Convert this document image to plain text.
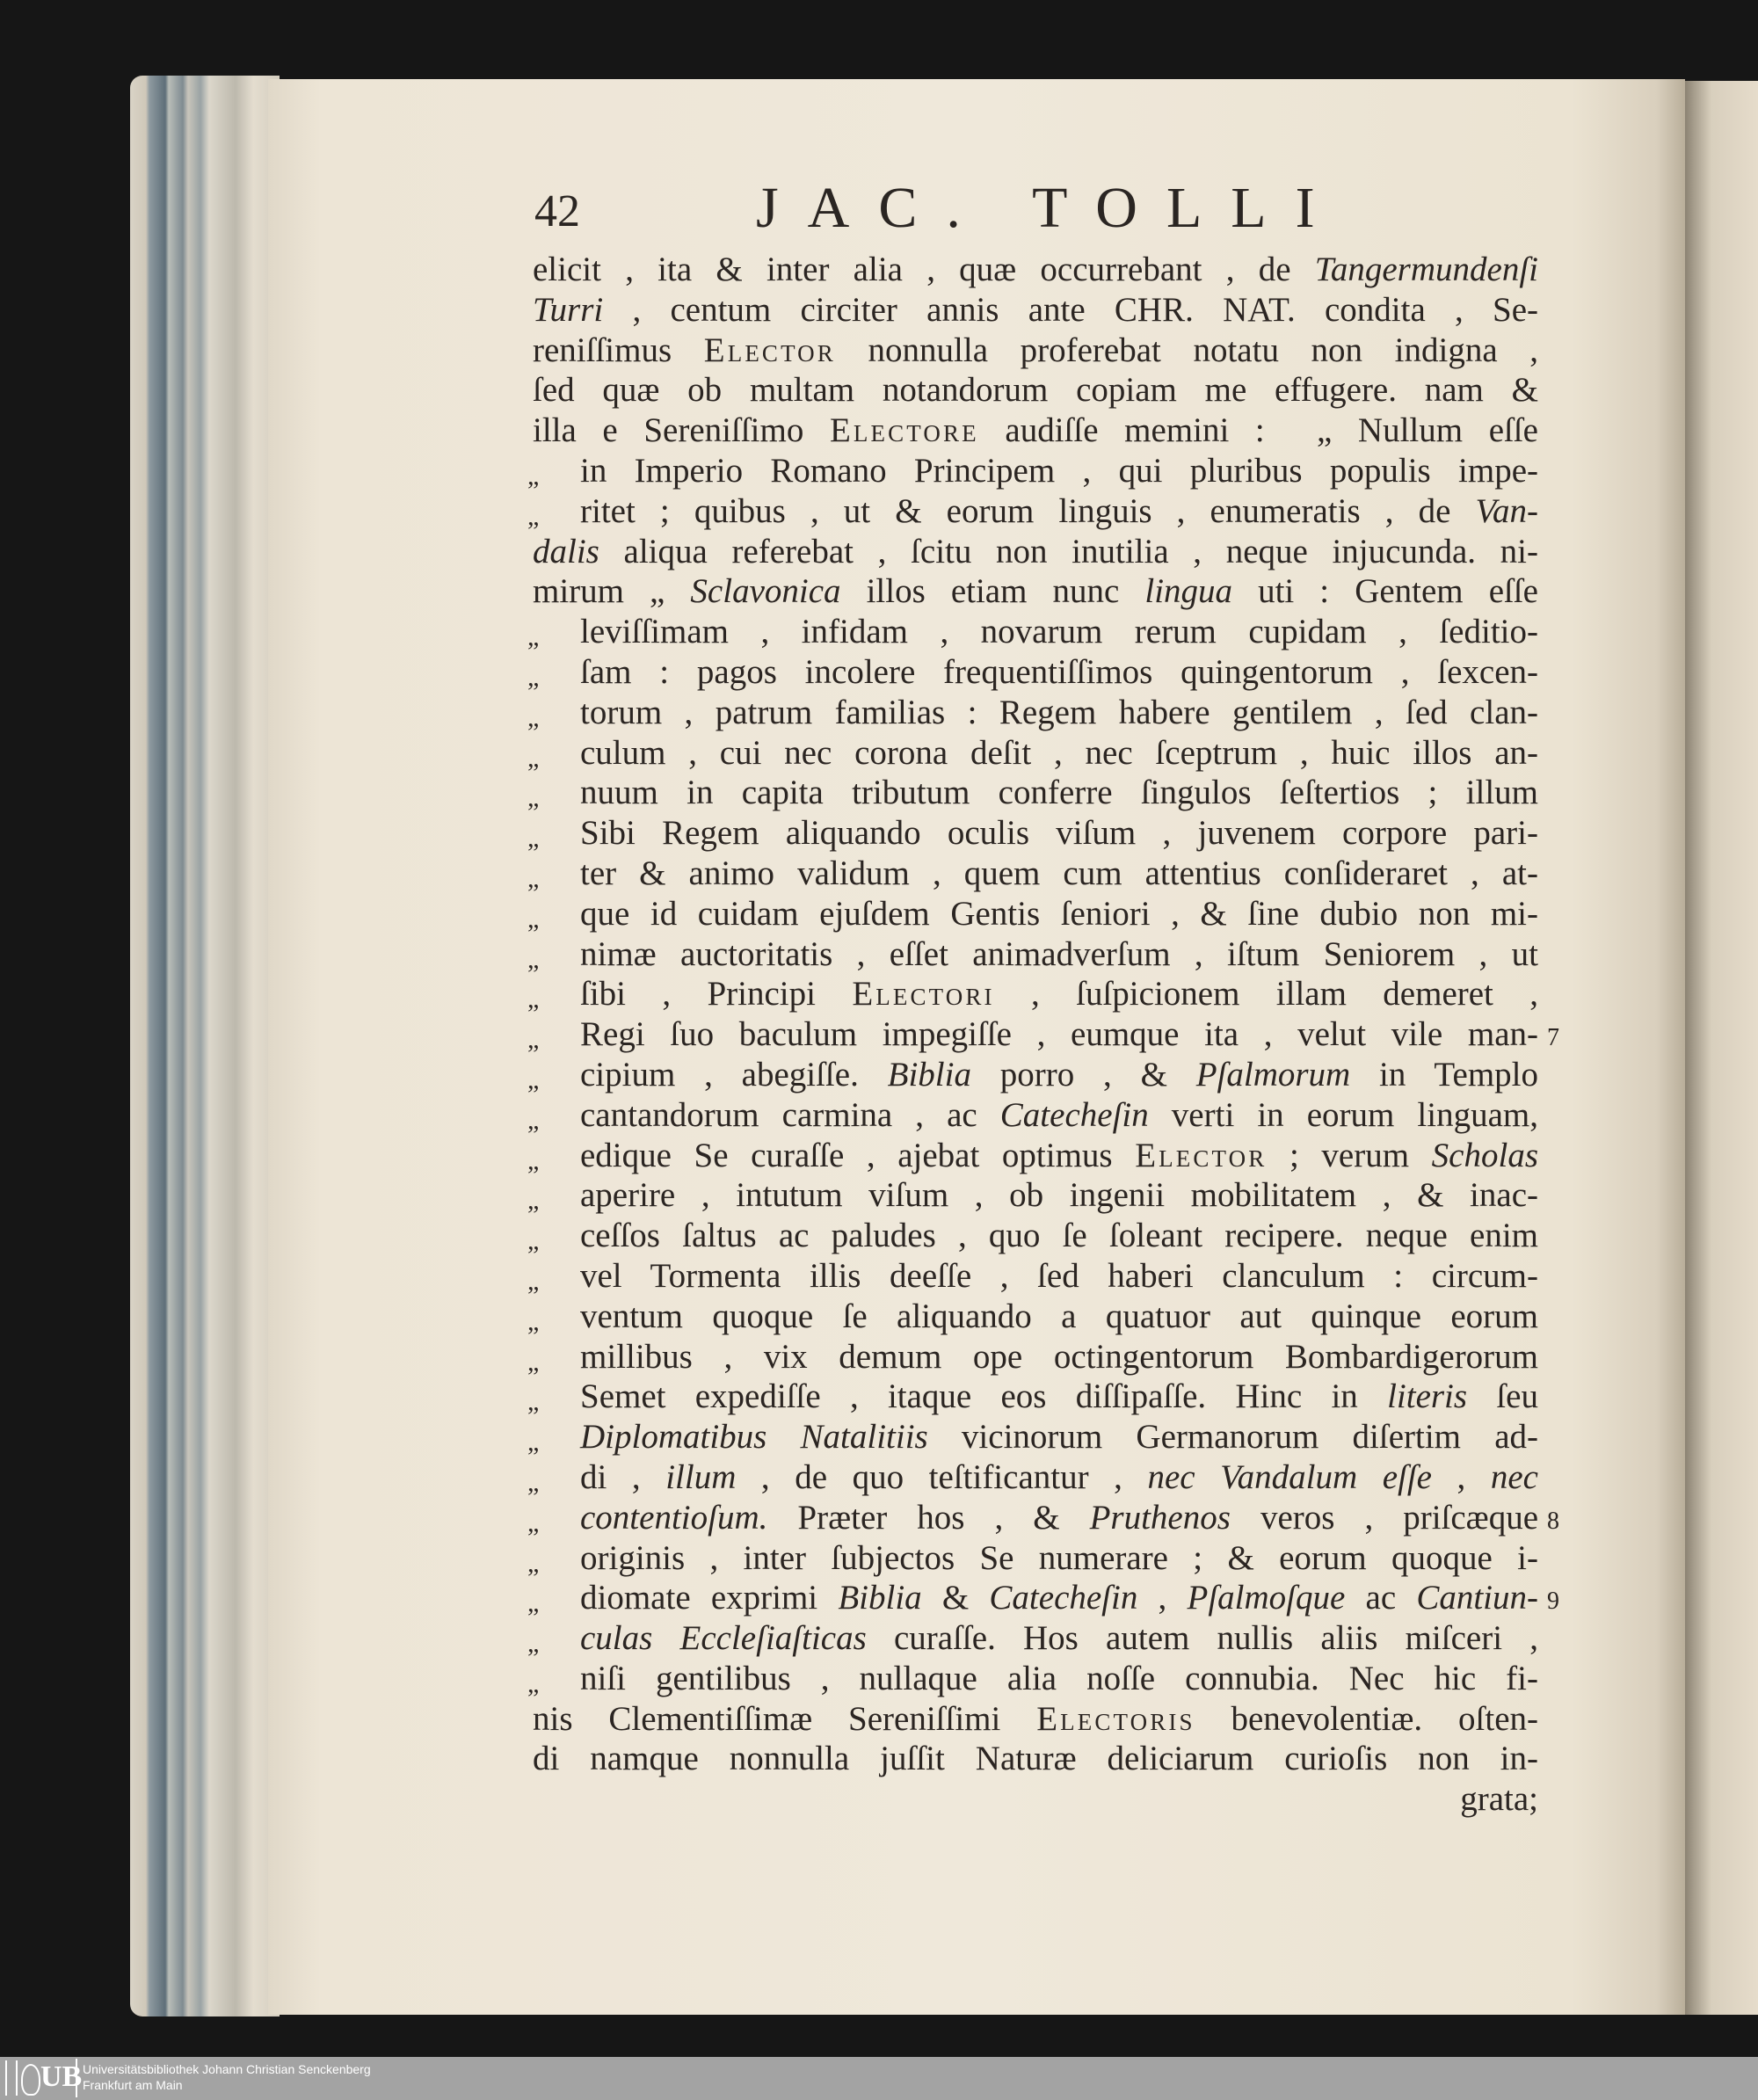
42	JAC. TOLLI
elicit , ita & inter alia , quæ occurrebant , de Tangermundenſi
Turri , centum circiter annis ante CHR. NAT. condita , Se-
reniſſimus Elector nonnulla proferebat notatu non indigna ,
ſed quæ ob multam notandorum copiam me effugere. nam &
illa e Sereniſſimo Electore audiſſe memini :  „ Nullum eſſe
„ in Imperio Romano Principem , qui pluribus populis impe-
„ ritet ; quibus , ut & eorum linguis , enumeratis , de Van-
dalis aliqua referebat , ſcitu non inutilia , neque injucunda. ni-
mirum „ Sclavonica illos etiam nunc lingua uti : Gentem eſſe
„ leviſſimam , infidam , novarum rerum cupidam , ſeditio-
„ ſam : pagos incolere frequentiſſimos quingentorum , ſexcen-
„ torum , patrum familias : Regem habere gentilem , ſed clan-
„ culum , cui nec corona deſit , nec ſceptrum , huic illos an-
„ nuum in capita tributum conferre ſingulos ſeſtertios ; illum
„ Sibi Regem aliquando oculis viſum , juvenem corpore pari-
„ ter & animo validum , quem cum attentius conſideraret , at-
„ que id cuidam ejuſdem Gentis ſeniori , & ſine dubio non mi-
„ nimæ auctoritatis , eſſet animadverſum , iſtum Seniorem , ut
„ ſibi , Principi Electori , ſuſpicionem illam demeret ,
„ Regi ſuo baculum impegiſſe , eumque ita , velut vile man- 7
„ cipium , abegiſſe. Biblia porro , & Pſalmorum in Templo
„ cantandorum carmina , ac Catecheſin verti in eorum linguam,
„ edique Se curaſſe , ajebat optimus Elector ; verum Scholas
„ aperire , intutum viſum , ob ingenii mobilitatem , & inac-
„ ceſſos ſaltus ac paludes , quo ſe ſoleant recipere. neque enim
„ vel Tormenta illis deeſſe , ſed haberi clanculum : circum-
„ ventum quoque ſe aliquando a quatuor aut quinque eorum
„ millibus , vix demum ope octingentorum Bombardigerorum
„ Semet expediſſe , itaque eos diſſipaſſe. Hinc in literis ſeu
„ Diplomatibus Natalitiis vicinorum Germanorum diſertim ad-
„ di , illum , de quo teſtificantur , nec Vandalum eſſe , nec
„ contentioſum. Præter hos , & Pruthenos veros , priſcæque 8
„ originis , inter ſubjectos Se numerare ; & eorum quoque i-
„ diomate exprimi Biblia & Catecheſin , Pſalmoſque ac Cantiun- 9
„ culas Eccleſiaſticas curaſſe. Hos autem nullis aliis miſceri ,
„ niſi gentilibus , nullaque alia noſſe connubia. Nec hic fi-
nis Clementiſſimæ Sereniſſimi Electoris benevolentiæ. oſten-
di namque nonnulla juſſit Naturæ deliciarum curioſis non in-
grata;
UB Universitätsbibliothek Johann Christian Senckenberg
Frankfurt am Main
